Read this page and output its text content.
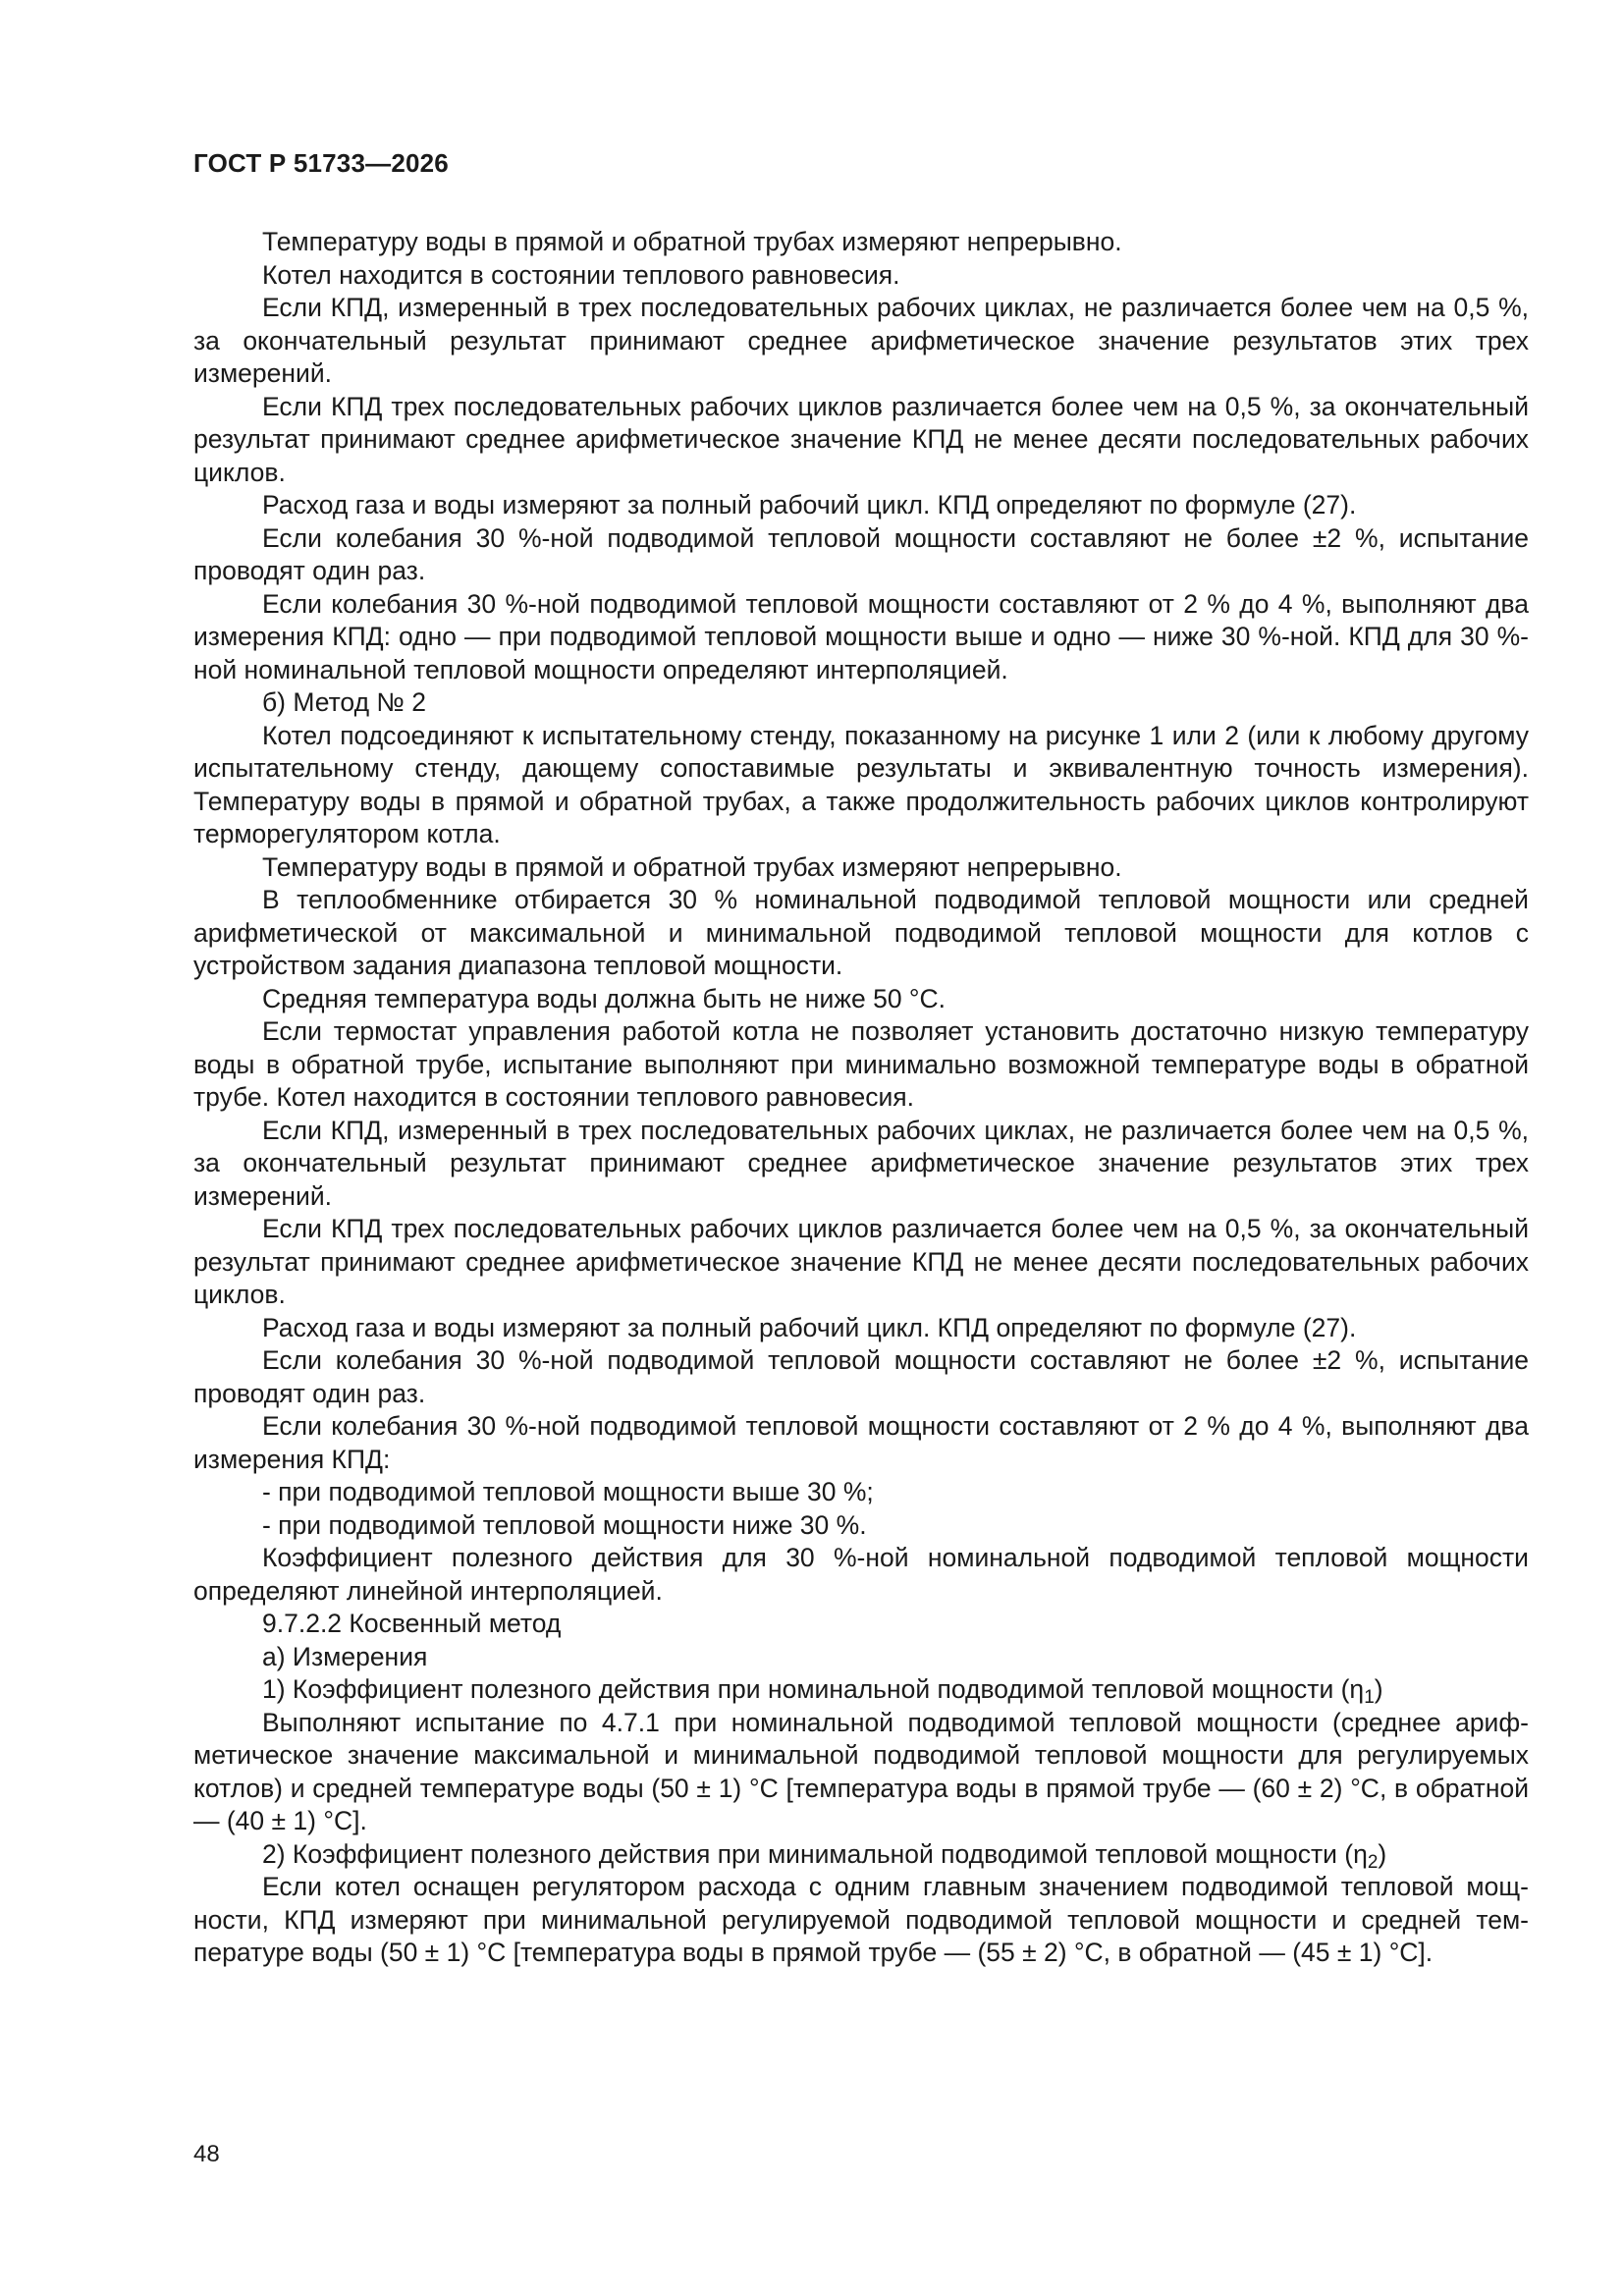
ГОСТ Р 51733—2026

Температуру воды в прямой и обратной трубах измеряют непрерывно.

Котел находится в состоянии теплового равновесия.

Если КПД, измеренный в трех последовательных рабочих циклах, не различается более чем на 0,5 %, за окончательный результат принимают среднее арифметическое значение результатов этих трех измерений.

Если КПД трех последовательных рабочих циклов различается более чем на 0,5 %, за окончательный результат принимают среднее арифметическое значение КПД не менее десяти последовательных рабочих циклов.

Расход газа и воды измеряют за полный рабочий цикл. КПД определяют по формуле (27).

Если колебания 30 %-ной подводимой тепловой мощности составляют не более ±2 %, испытание проводят один раз.

Если колебания 30 %-ной подводимой тепловой мощности составляют от 2 % до 4 %, выполняют два измерения КПД: одно — при подводимой тепловой мощности выше и одно — ниже 30 %-ной. КПД для 30 %-ной номинальной тепловой мощности определяют интерполяцией.

б) Метод № 2

Котел подсоединяют к испытательному стенду, показанному на рисунке 1 или 2 (или к любому другому испытательному стенду, дающему сопоставимые результаты и эквивалентную точность измерения). Температуру воды в прямой и обратной трубах, а также продолжительность рабочих циклов контролируют терморегулятором котла.

Температуру воды в прямой и обратной трубах измеряют непрерывно.

В теплообменнике отбирается 30 % номинальной подводимой тепловой мощности или средней арифметической от максимальной и минимальной подводимой тепловой мощности для котлов с устройством задания диапазона тепловой мощности.

Средняя температура воды должна быть не ниже 50 °С.

Если термостат управления работой котла не позволяет установить достаточно низкую температуру воды в обратной трубе, испытание выполняют при минимально возможной температуре воды в обратной трубе. Котел находится в состоянии теплового равновесия.

Если КПД, измеренный в трех последовательных рабочих циклах, не различается более чем на 0,5 %, за окончательный результат принимают среднее арифметическое значение результатов этих трех измерений.

Если КПД трех последовательных рабочих циклов различается более чем на 0,5 %, за окончательный результат принимают среднее арифметическое значение КПД не менее десяти последовательных рабочих циклов.

Расход газа и воды измеряют за полный рабочий цикл. КПД определяют по формуле (27).

Если колебания 30 %-ной подводимой тепловой мощности составляют не более ±2 %, испытание проводят один раз.

Если колебания 30 %-ной подводимой тепловой мощности составляют от 2 % до 4 %, выполняют два измерения КПД:

- при подводимой тепловой мощности выше 30 %;

- при подводимой тепловой мощности ниже 30 %.

Коэффициент полезного действия для 30 %-ной номинальной подводимой тепловой мощности определяют линейной интерполяцией.

9.7.2.2 Косвенный метод

а) Измерения

1) Коэффициент полезного действия при номинальной подводимой тепловой мощности $(\eta_1)$

Выполняют испытание по 4.7.1 при номинальной подводимой тепловой мощности (среднее арифметическое значение максимальной и минимальной подводимой тепловой мощности для регулируемых котлов) и средней температуре воды (50 ± 1) °С [температура воды в прямой трубе — (60 ± 2) °С, в обратной — (40 ± 1) °С].

2) Коэффициент полезного действия при минимальной подводимой тепловой мощности $(\eta_2)$

Если котел оснащен регулятором расхода с одним главным значением подводимой тепловой мощности, КПД измеряют при минимальной регулируемой подводимой тепловой мощности и средней температуре воды (50 ± 1) °С [температура воды в прямой трубе — (55 ± 2) °С, в обратной — (45 ± 1) °С].

48
